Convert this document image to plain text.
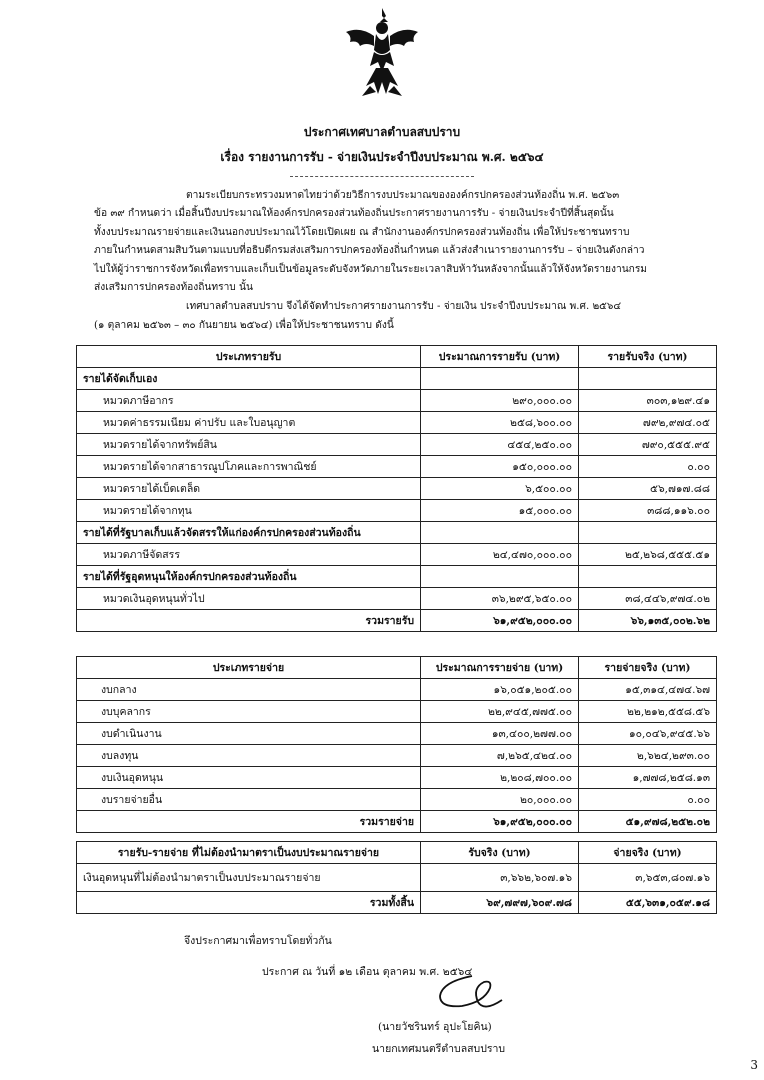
ประกาศเทศบาลตำบลสบปราบ
เรื่อง รายงานการรับ - จ่ายเงินประจำปีงบประมาณ พ.ศ. ๒๕๖๔
ตามระเบียบกระทรวงมหาดไทยว่าด้วยวิธีการงบประมาณขององค์กรปกครองส่วนท้องถิ่น พ.ศ. ๒๕๖๓
ข้อ ๓๙ กำหนดว่า เมื่อสิ้นปีงบประมาณให้องค์กรปกครองส่วนท้องถิ่นประกาศรายงานการรับ - จ่ายเงินประจำปีที่สิ้นสุดนั้น
ทั้งงบประมาณรายจ่ายและเงินนอกงบประมาณไว้โดยเปิดเผย ณ สำนักงานองค์กรปกครองส่วนท้องถิ่น เพื่อให้ประชาชนทราบ
ภายในกำหนดสามสิบวันตามแบบที่อธิบดีกรมส่งเสริมการปกครองท้องถิ่นกำหนด แล้วส่งสำเนารายงานการรับ – จ่ายเงินดังกล่าว
ไปให้ผู้ว่าราชการจังหวัดเพื่อทราบและเก็บเป็นข้อมูลระดับจังหวัดภายในระยะเวลาสิบห้าวันหลังจากนั้นแล้วให้จังหวัดรายงานกรม
ส่งเสริมการปกครองท้องถิ่นทราบ นั้น
เทศบาลตำบลสบปราบ จึงได้จัดทำประกาศรายงานการรับ - จ่ายเงิน ประจำปีงบประมาณ พ.ศ. ๒๕๖๔
(๑ ตุลาคม ๒๕๖๓ – ๓๐ กันยายน ๒๕๖๔) เพื่อให้ประชาชนทราบ ดังนี้
ประเภทรายรับ	ประมาณการรายรับ (บาท)	รายรับจริง (บาท)
รายได้จัดเก็บเอง		
หมวดภาษีอากร	๒๙๐,๐๐๐.๐๐	๓๐๓,๑๒๙.๔๑
หมวดค่าธรรมเนียม ค่าปรับ และใบอนุญาต	๒๕๘,๖๐๐.๐๐	๗๙๒,๙๗๔.๐๕
หมวดรายได้จากทรัพย์สิน	๔๕๔,๒๕๐.๐๐	๗๙๐,๕๕๕.๙๕
หมวดรายได้จากสาธารณูปโภคและการพาณิชย์	๑๕๐,๐๐๐.๐๐	๐.๐๐
หมวดรายได้เบ็ดเตล็ด	๖,๕๐๐.๐๐	๕๖,๗๑๗.๘๘
หมวดรายได้จากทุน	๑๕,๐๐๐.๐๐	๓๘๘,๑๑๖.๐๐
รายได้ที่รัฐบาลเก็บแล้วจัดสรรให้แก่องค์กรปกครองส่วนท้องถิ่น		
หมวดภาษีจัดสรร	๒๔,๔๗๐,๐๐๐.๐๐	๒๕,๒๖๘,๕๕๕.๕๑
รายได้ที่รัฐอุดหนุนให้องค์กรปกครองส่วนท้องถิ่น		
หมวดเงินอุดหนุนทั่วไป	๓๖,๒๙๕,๖๕๐.๐๐	๓๘,๔๔๖,๙๗๔.๐๒
รวมรายรับ	๖๑,๙๕๒,๐๐๐.๐๐	๖๖,๑๓๕,๐๐๒.๖๒
ประเภทรายจ่าย	ประมาณการรายจ่าย (บาท)	รายจ่ายจริง (บาท)
งบกลาง	๑๖,๐๕๑,๒๐๕.๐๐	๑๕,๓๑๔,๔๗๔.๖๗
งบบุคลากร	๒๒,๙๔๕,๗๗๕.๐๐	๒๒,๒๑๒,๕๕๘.๕๖
งบดำเนินงาน	๑๓,๔๐๐,๒๗๗.๐๐	๑๐,๐๔๖,๙๔๕.๖๖
งบลงทุน	๗,๒๖๕,๔๒๔.๐๐	๒,๖๒๔,๒๙๓.๐๐
งบเงินอุดหนุน	๒,๒๐๘,๗๐๐.๐๐	๑,๗๗๘,๒๕๘.๑๓
งบรายจ่ายอื่น	๒๐,๐๐๐.๐๐	๐.๐๐
รวมรายจ่าย	๖๑,๙๕๒,๐๐๐.๐๐	๕๑,๙๗๘,๒๕๒.๐๒
รายรับ-รายจ่าย ที่ไม่ต้องนำมาตราเป็นงบประมาณรายจ่าย	รับจริง (บาท)	จ่ายจริง (บาท)
เงินอุดหนุนที่ไม่ต้องนำมาตราเป็นงบประมาณรายจ่าย	๓,๖๖๒,๖๐๗.๑๖	๓,๖๕๓,๘๐๗.๑๖
รวมทั้งสิ้น	๖๙,๗๙๗,๖๐๙.๗๘	๕๕,๖๓๑,๐๕๙.๑๘
จึงประกาศมาเพื่อทราบโดยทั่วกัน
ประกาศ ณ วันที่ ๑๒ เดือน ตุลาคม พ.ศ. ๒๕๖๔
(นายวัชรินทร์ อุปะโยคิน)
นายกเทศมนตรีตำบลสบปราบ
3
